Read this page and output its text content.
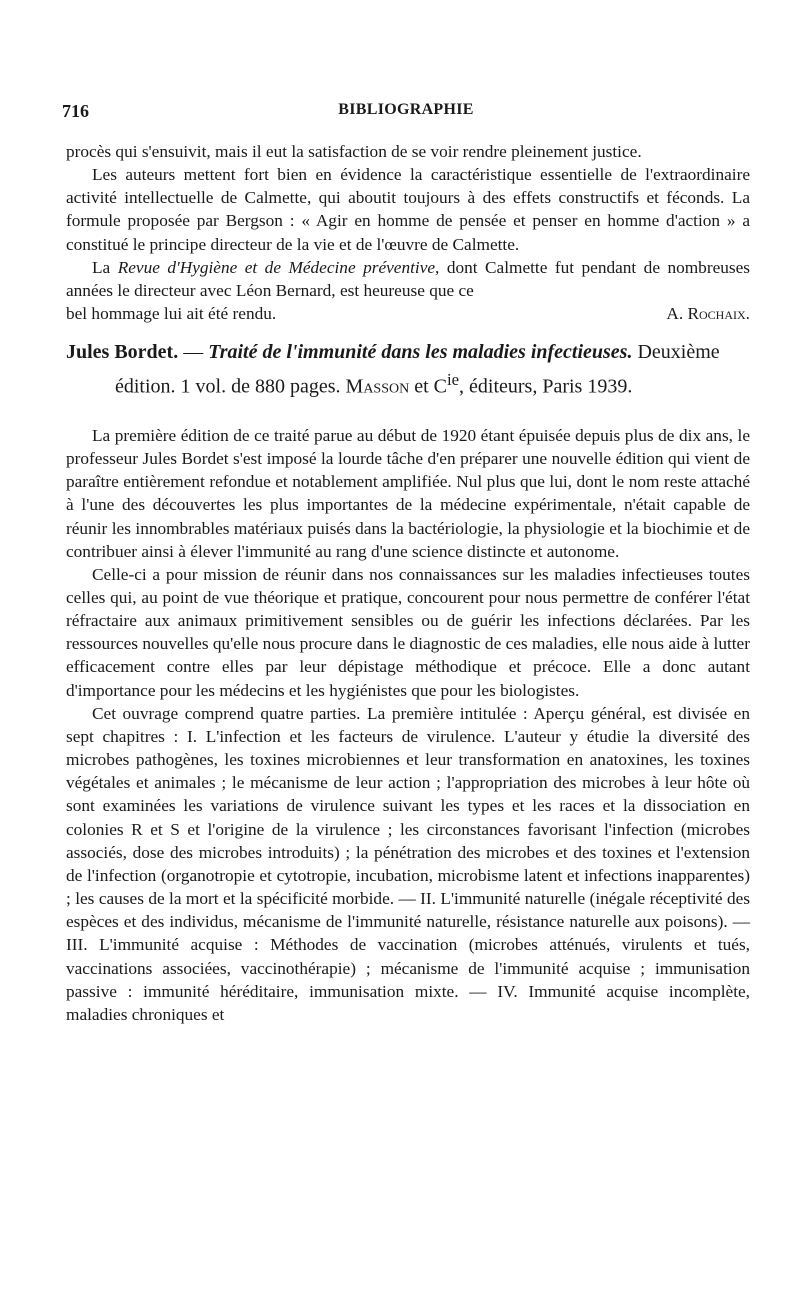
716	BIBLIOGRAPHIE

procès qui s'ensuivit, mais il eut la satisfaction de se voir rendre pleinement justice.

Les auteurs mettent fort bien en évidence la caractéristique essentielle de l'extraordinaire activité intellectuelle de Calmette, qui aboutit toujours à des effets constructifs et féconds. La formule proposée par Bergson : « Agir en homme de pensée et penser en homme d'action » a constitué le principe directeur de la vie et de l'œuvre de Calmette.

La Revue d'Hygiène et de Médecine préventive, dont Calmette fut pendant de nombreuses années le directeur avec Léon Bernard, est heureuse que ce

bel hommage lui ait été rendu.	A. Rochaix.

Jules Bordet. — Traité de l'immunité dans les maladies infectieuses. Deuxième édition. 1 vol. de 880 pages. Masson et $C^{ie}$, éditeurs, Paris 1939.

La première édition de ce traité parue au début de 1920 étant épuisée depuis plus de dix ans, le professeur Jules Bordet s'est imposé la lourde tâche d'en préparer une nouvelle édition qui vient de paraître entièrement refondue et notablement amplifiée. Nul plus que lui, dont le nom reste attaché à l'une des découvertes les plus importantes de la médecine expérimentale, n'était capable de réunir les innombrables matériaux puisés dans la bactériologie, la physiologie et la biochimie et de contribuer ainsi à élever l'immunité au rang d'une science distincte et autonome.

Celle-ci a pour mission de réunir dans nos connaissances sur les maladies infectieuses toutes celles qui, au point de vue théorique et pratique, concourent pour nous permettre de conférer l'état réfractaire aux animaux primitivement sensibles ou de guérir les infections déclarées. Par les ressources nouvelles qu'elle nous procure dans le diagnostic de ces maladies, elle nous aide à lutter efficacement contre elles par leur dépistage méthodique et précoce. Elle a donc autant d'importance pour les médecins et les hygiénistes que pour les biologistes.

Cet ouvrage comprend quatre parties. La première intitulée : Aperçu général, est divisée en sept chapitres : I. L'infection et les facteurs de virulence. L'auteur y étudie la diversité des microbes pathogènes, les toxines microbiennes et leur transformation en anatoxines, les toxines végétales et animales ; le mécanisme de leur action ; l'appropriation des microbes à leur hôte où sont examinées les variations de virulence suivant les types et les races et la dissociation en colonies R et S et l'origine de la virulence ; les circonstances favorisant l'infection (microbes associés, dose des microbes introduits) ; la pénétration des microbes et des toxines et l'extension de l'infection (organotropie et cytotropie, incubation, microbisme latent et infections inapparentes) ; les causes de la mort et la spécificité morbide. — II. L'immunité naturelle (inégale réceptivité des espèces et des individus, mécanisme de l'immunité naturelle, résistance naturelle aux poisons). — III. L'immunité acquise : Méthodes de vaccination (microbes atténués, virulents et tués, vaccinations associées, vaccinothérapie) ; mécanisme de l'immunité acquise ; immunisation passive : immunité héréditaire, immunisation mixte. — IV. Immunité acquise incomplète, maladies chroniques et
